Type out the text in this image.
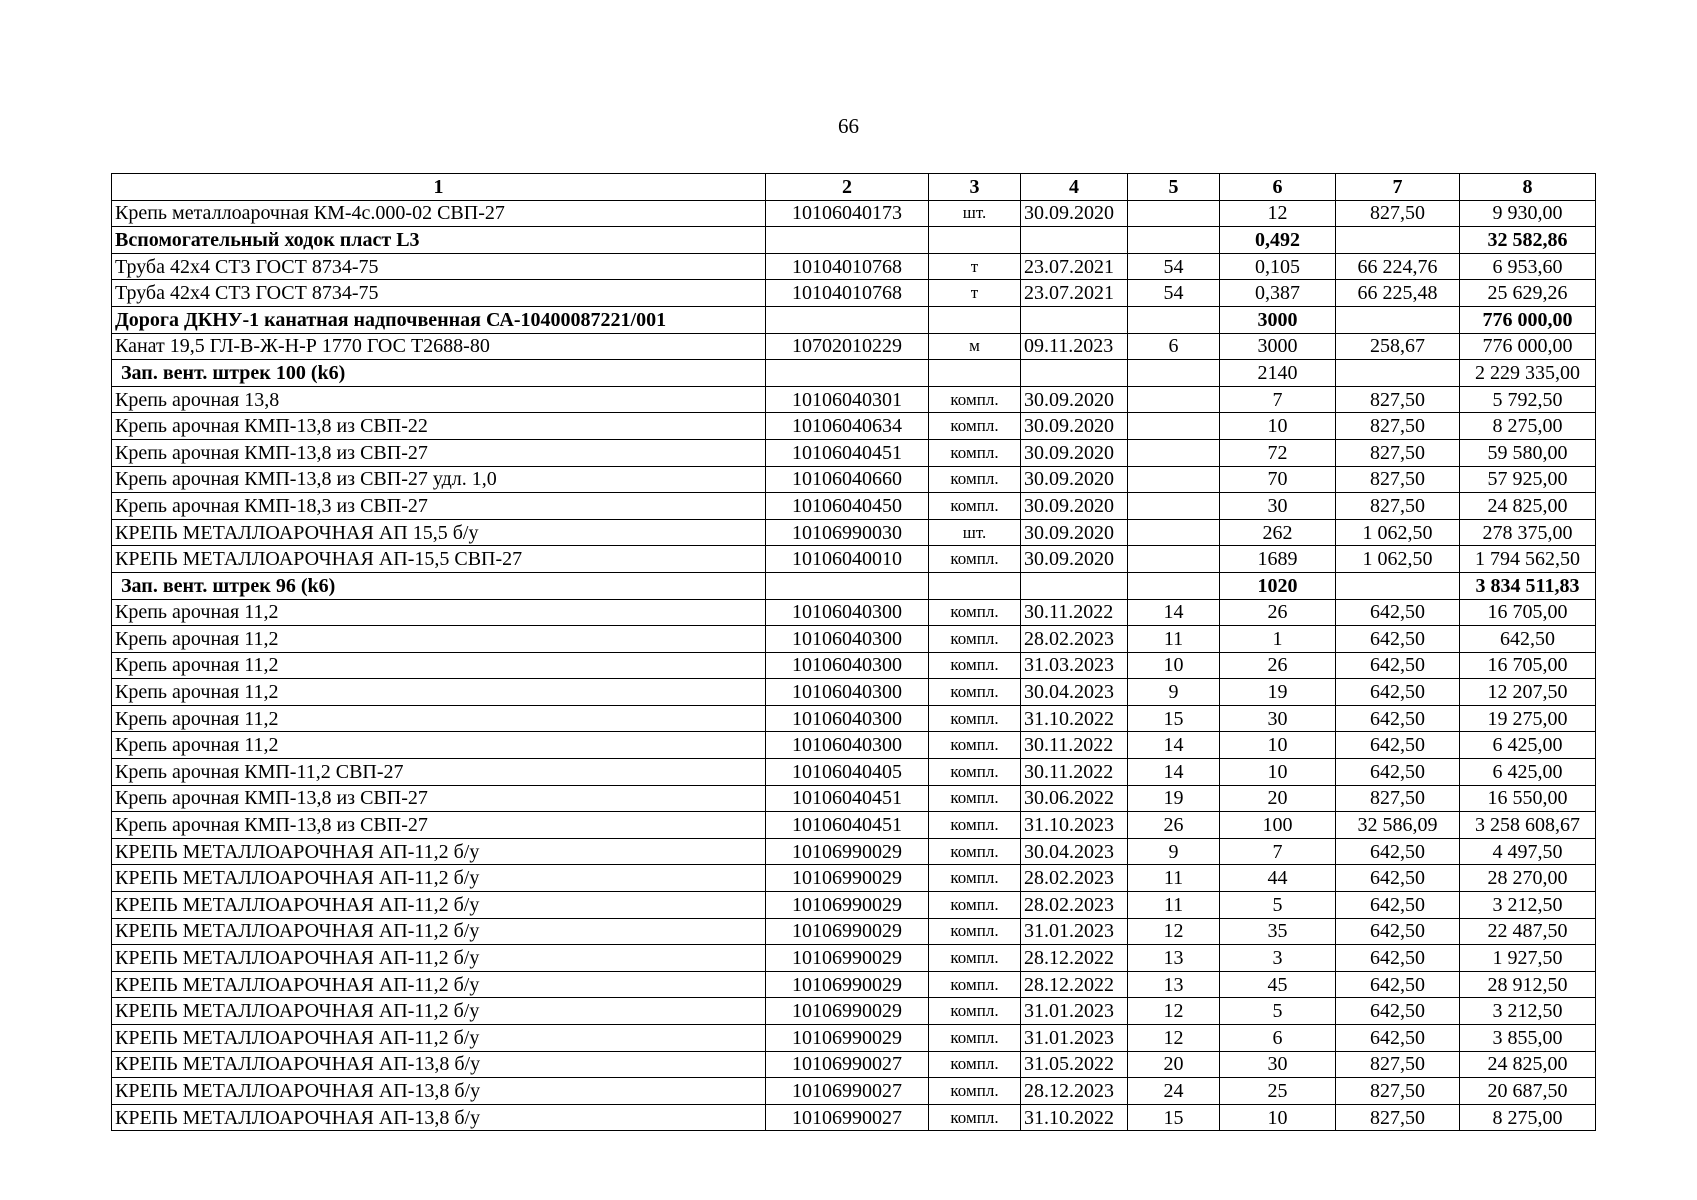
66
1	2	3	4	5	6	7	8
Крепь металлоарочная КМ-4с.000-02 СВП-27	10106040173	шт.	30.09.2020		12	827,50	9 930,00
Вспомогательный ходок пласт L3					0,492		32 582,86
Труба 42х4 СТ3 ГОСТ 8734-75	10104010768	т	23.07.2021	54	0,105	66 224,76	6 953,60
Труба 42х4 СТ3 ГОСТ 8734-75	10104010768	т	23.07.2021	54	0,387	66 225,48	25 629,26
Дорога ДКНУ-1 канатная надпочвенная СА-10400087221/001					3000		776 000,00
Канат 19,5 ГЛ-В-Ж-Н-Р 1770 ГОС Т2688-80	10702010229	м	09.11.2023	6	3000	258,67	776 000,00
Зап. вент. штрек 100 (k6)					2140		2 229 335,00
Крепь арочная 13,8	10106040301	компл.	30.09.2020		7	827,50	5 792,50
Крепь арочная КМП-13,8 из СВП-22	10106040634	компл.	30.09.2020		10	827,50	8 275,00
Крепь арочная КМП-13,8 из СВП-27	10106040451	компл.	30.09.2020		72	827,50	59 580,00
Крепь арочная КМП-13,8 из СВП-27 удл. 1,0	10106040660	компл.	30.09.2020		70	827,50	57 925,00
Крепь арочная КМП-18,3 из СВП-27	10106040450	компл.	30.09.2020		30	827,50	24 825,00
КРЕПЬ МЕТАЛЛОАРОЧНАЯ АП 15,5 б/у	10106990030	шт.	30.09.2020		262	1 062,50	278 375,00
КРЕПЬ МЕТАЛЛОАРОЧНАЯ АП-15,5 СВП-27	10106040010	компл.	30.09.2020		1689	1 062,50	1 794 562,50
Зап. вент. штрек 96 (k6)					1020		3 834 511,83
Крепь арочная 11,2	10106040300	компл.	30.11.2022	14	26	642,50	16 705,00
Крепь арочная 11,2	10106040300	компл.	28.02.2023	11	1	642,50	642,50
Крепь арочная 11,2	10106040300	компл.	31.03.2023	10	26	642,50	16 705,00
Крепь арочная 11,2	10106040300	компл.	30.04.2023	9	19	642,50	12 207,50
Крепь арочная 11,2	10106040300	компл.	31.10.2022	15	30	642,50	19 275,00
Крепь арочная 11,2	10106040300	компл.	30.11.2022	14	10	642,50	6 425,00
Крепь арочная КМП-11,2 СВП-27	10106040405	компл.	30.11.2022	14	10	642,50	6 425,00
Крепь арочная КМП-13,8 из СВП-27	10106040451	компл.	30.06.2022	19	20	827,50	16 550,00
Крепь арочная КМП-13,8 из СВП-27	10106040451	компл.	31.10.2023	26	100	32 586,09	3 258 608,67
КРЕПЬ МЕТАЛЛОАРОЧНАЯ АП-11,2 б/у	10106990029	компл.	30.04.2023	9	7	642,50	4 497,50
КРЕПЬ МЕТАЛЛОАРОЧНАЯ АП-11,2 б/у	10106990029	компл.	28.02.2023	11	44	642,50	28 270,00
КРЕПЬ МЕТАЛЛОАРОЧНАЯ АП-11,2 б/у	10106990029	компл.	28.02.2023	11	5	642,50	3 212,50
КРЕПЬ МЕТАЛЛОАРОЧНАЯ АП-11,2 б/у	10106990029	компл.	31.01.2023	12	35	642,50	22 487,50
КРЕПЬ МЕТАЛЛОАРОЧНАЯ АП-11,2 б/у	10106990029	компл.	28.12.2022	13	3	642,50	1 927,50
КРЕПЬ МЕТАЛЛОАРОЧНАЯ АП-11,2 б/у	10106990029	компл.	28.12.2022	13	45	642,50	28 912,50
КРЕПЬ МЕТАЛЛОАРОЧНАЯ АП-11,2 б/у	10106990029	компл.	31.01.2023	12	5	642,50	3 212,50
КРЕПЬ МЕТАЛЛОАРОЧНАЯ АП-11,2 б/у	10106990029	компл.	31.01.2023	12	6	642,50	3 855,00
КРЕПЬ МЕТАЛЛОАРОЧНАЯ АП-13,8 б/у	10106990027	компл.	31.05.2022	20	30	827,50	24 825,00
КРЕПЬ МЕТАЛЛОАРОЧНАЯ АП-13,8 б/у	10106990027	компл.	28.12.2023	24	25	827,50	20 687,50
КРЕПЬ МЕТАЛЛОАРОЧНАЯ АП-13,8 б/у	10106990027	компл.	31.10.2022	15	10	827,50	8 275,00
